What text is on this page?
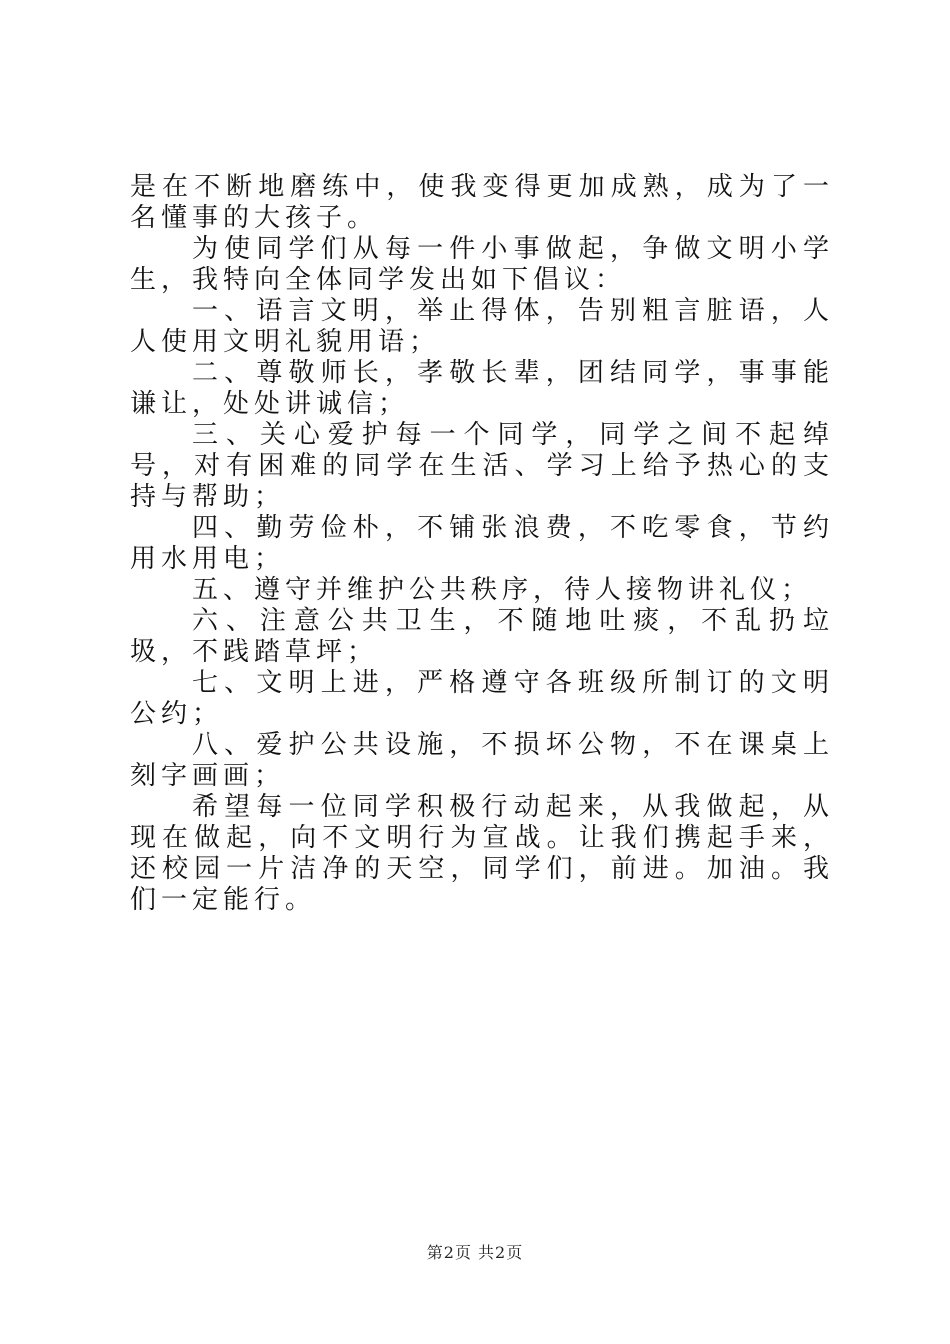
是在不断地磨练中，使我变得更加成熟，成为了一名懂事的大孩子。

为使同学们从每一件小事做起，争做文明小学生，我特向全体同学发出如下倡议：

一、语言文明，举止得体，告别粗言脏语，人人使用文明礼貌用语；

二、尊敬师长，孝敬长辈，团结同学，事事能谦让，处处讲诚信；

三、关心爱护每一个同学，同学之间不起绰号，对有困难的同学在生活、学习上给予热心的支持与帮助；

四、勤劳俭朴，不铺张浪费，不吃零食，节约用水用电；

五、遵守并维护公共秩序，待人接物讲礼仪；

六、注意公共卫生，不随地吐痰，不乱扔垃圾，不践踏草坪；

七、文明上进，严格遵守各班级所制订的文明公约；

八、爱护公共设施，不损坏公物，不在课桌上刻字画画；

希望每一位同学积极行动起来，从我做起，从现在做起，向不文明行为宣战。让我们携起手来，还校园一片洁净的天空，同学们，前进。加油。我们一定能行。

第2页 共2页
